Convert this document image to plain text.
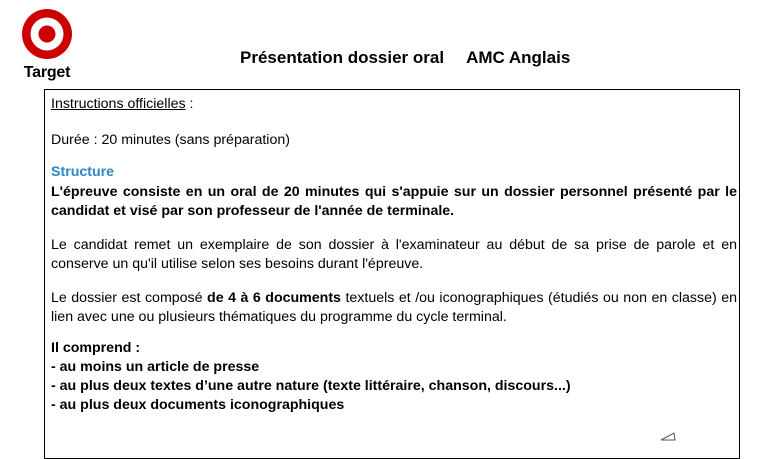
Target
Présentation dossier oral AMC Anglais

Instructions officielles :

Durée : 20 minutes (sans préparation)

Structure

L'épreuve consiste en un oral de 20 minutes qui s'appuie sur un dossier personnel présenté par le candidat et visé par son professeur de l'année de terminale.

Le candidat remet un exemplaire de son dossier à l'examinateur au début de sa prise de parole et en conserve un qu'il utilise selon ses besoins durant l'épreuve.

Le dossier est composé de 4 à 6 documents textuels et /ou iconographiques (étudiés ou non en classe) en lien avec une ou plusieurs thématiques du programme du cycle terminal.

Il comprend :
- au moins un article de presse
- au plus deux textes d’une autre nature (texte littéraire, chanson, discours...)
- au plus deux documents iconographiques
